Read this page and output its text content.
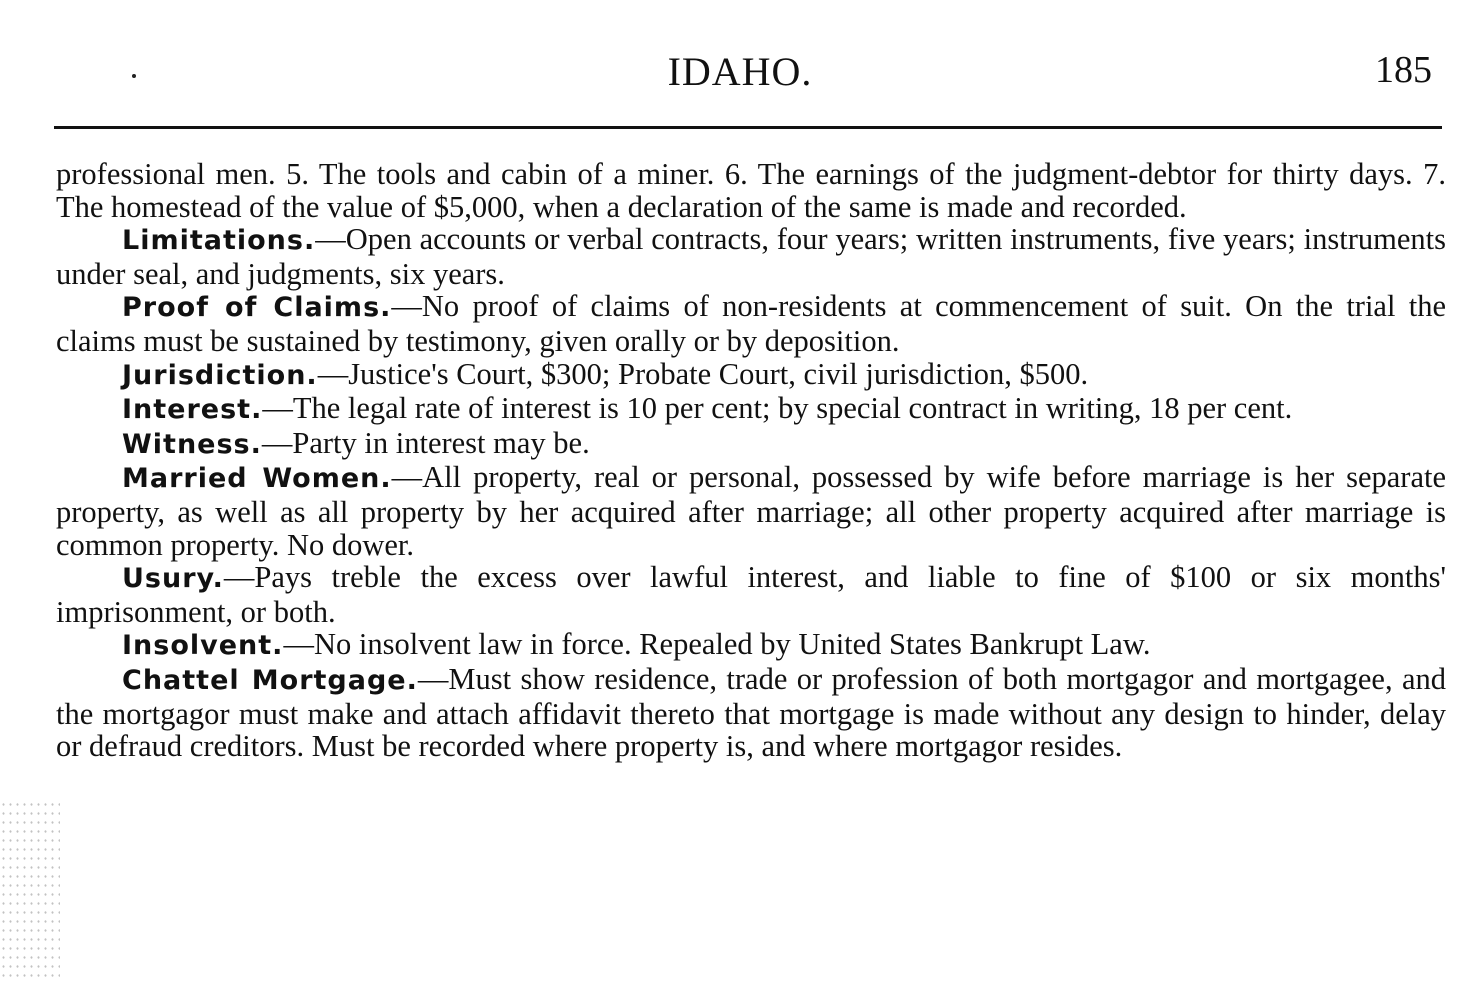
IDAHO.	185

professional men. 5. The tools and cabin of a miner. 6. The earnings of the judgment-debtor for thirty days. 7. The homestead of the value of $5,000, when a declaration of the same is made and recorded.

Limitations.—Open accounts or verbal contracts, four years; written instruments, five years; instruments under seal, and judgments, six years.

Proof of Claims.—No proof of claims of non-residents at commencement of suit. On the trial the claims must be sustained by testimony, given orally or by deposition.

Jurisdiction.—Justice's Court, $300; Probate Court, civil jurisdiction, $500.

Interest.—The legal rate of interest is 10 per cent; by special contract in writing, 18 per cent.

Witness.—Party in interest may be.

Married Women.—All property, real or personal, possessed by wife before marriage is her separate property, as well as all property by her acquired after marriage; all other property acquired after marriage is common property. No dower.

Usury.—Pays treble the excess over lawful interest, and liable to fine of $100 or six months' imprisonment, or both.

Insolvent.—No insolvent law in force. Repealed by United States Bankrupt Law.

Chattel Mortgage.—Must show residence, trade or profession of both mortgagor and mortgagee, and the mortgagor must make and attach affidavit thereto that mortgage is made without any design to hinder, delay or defraud creditors. Must be recorded where property is, and where mortgagor resides.
